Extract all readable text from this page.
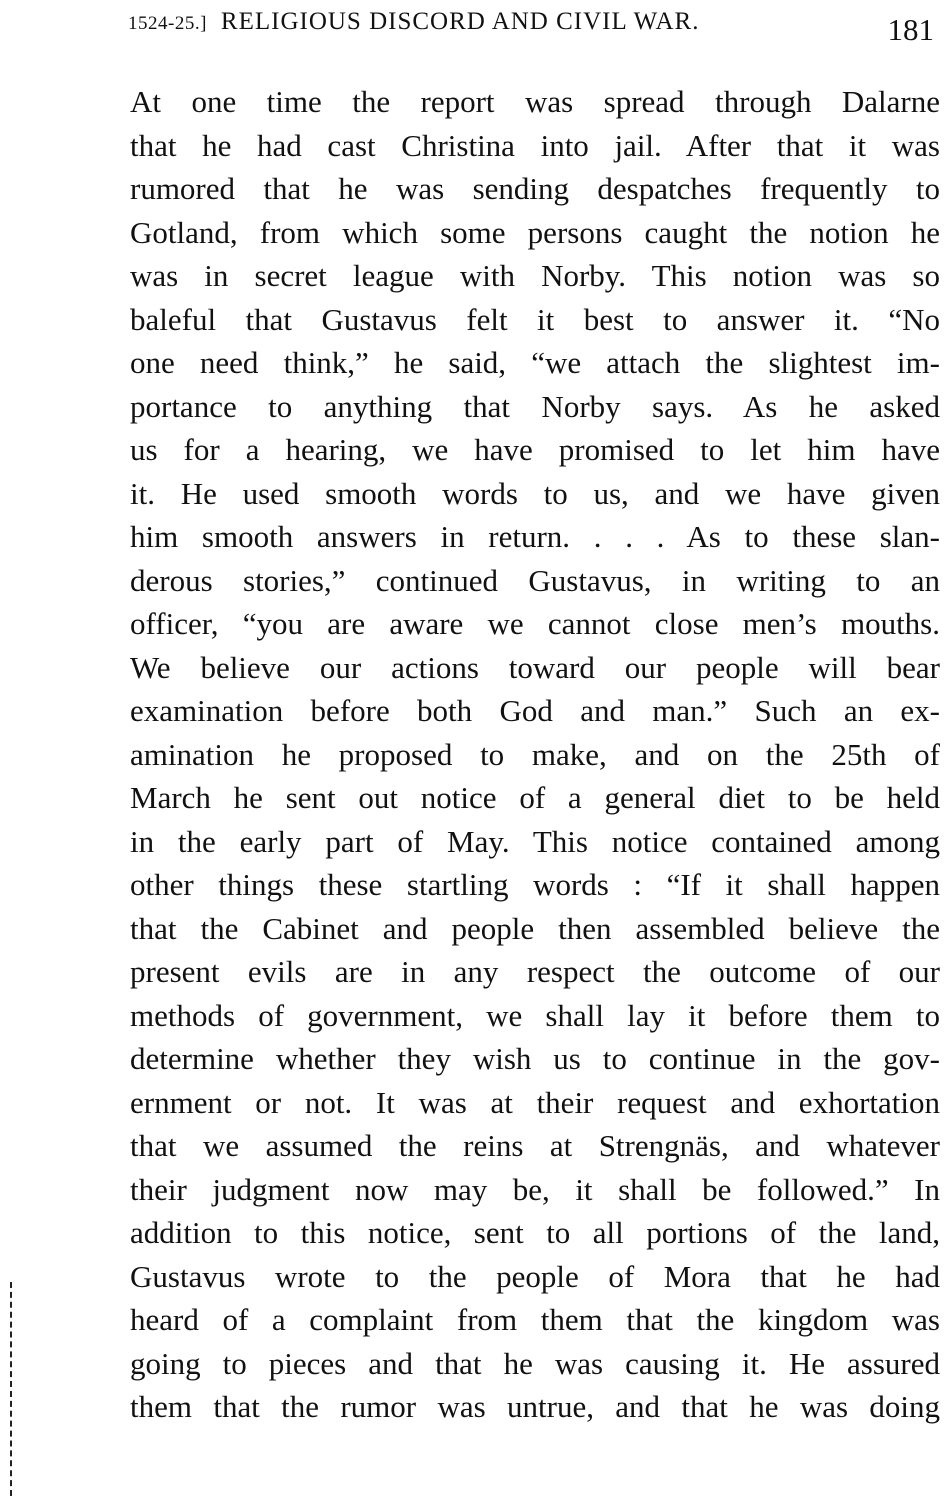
1524-25.] RELIGIOUS DISCORD AND CIVIL WAR.	181
At one time the report was spread through Dalarne
that he had cast Christina into jail. After that it was
rumored that he was sending despatches frequently to
Gotland, from which some persons caught the notion he
was in secret league with Norby. This notion was so
baleful that Gustavus felt it best to answer it. “No
one need think,” he said, “we attach the slightest im-
portance to anything that Norby says. As he asked
us for a hearing, we have promised to let him have
it. He used smooth words to us, and we have given
him smooth answers in return. . . . As to these slan-
derous stories,” continued Gustavus, in writing to an
officer, “you are aware we cannot close men’s mouths.
We believe our actions toward our people will bear
examination before both God and man.” Such an ex-
amination he proposed to make, and on the 25th of
March he sent out notice of a general diet to be held
in the early part of May. This notice contained among
other things these startling words : “If it shall happen
that the Cabinet and people then assembled believe the
present evils are in any respect the outcome of our
methods of government, we shall lay it before them to
determine whether they wish us to continue in the gov-
ernment or not. It was at their request and exhortation
that we assumed the reins at Strengnäs, and whatever
their judgment now may be, it shall be followed.” In
addition to this notice, sent to all portions of the land,
Gustavus wrote to the people of Mora that he had
heard of a complaint from them that the kingdom was
going to pieces and that he was causing it. He assured
them that the rumor was untrue, and that he was doing
